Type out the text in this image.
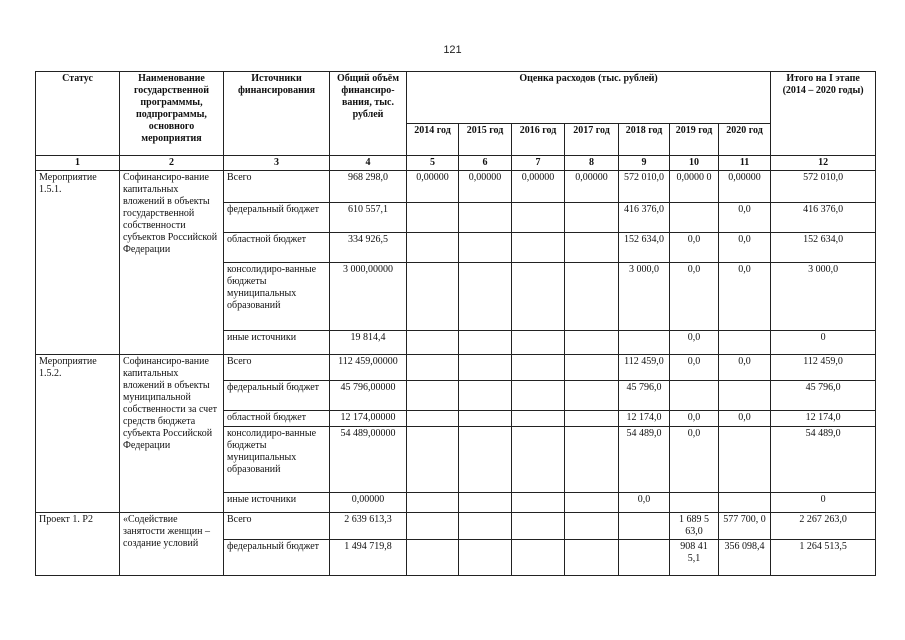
121
Статус	Наименование государственной программмы, подпрограммы, основного мероприятия	Источники финансирования	Общий объём финансиро-вания, тыс. рублей	Оценка расходов (тыс. рублей)							Итого на I этапе (2014 – 2020 годы)
				2014 год	2015 год	2016 год	2017 год	2018 год	2019 год	2020 год	
1	2	3	4	5	6	7	8	9	10	11	12
Мероприятие 1.5.1.	Софинансиро-вание капитальных вложений в объекты государственной собственности субъектов Российской Федерации	Всего	968 298,0	0,00000	0,00000	0,00000	0,00000	572 010,0	0,0000 0	0,00000	572 010,0
		федеральный бюджет	610 557,1					416 376,0		0,0	416 376,0
		областной бюджет	334 926,5					152 634,0	0,0	0,0	152 634,0
		консолидиро-ванные бюджеты муниципальных образований	3 000,00000					3 000,0	0,0	0,0	3 000,0
		иные источники	19 814,4						0,0		0
Мероприятие 1.5.2.	Софинансиро-вание капитальных вложений в объекты муниципальной собственности за счет средств бюджета субъекта Российской Федерации	Всего	112 459,00000					112 459,0	0,0	0,0	112 459,0
		федеральный бюджет	45 796,00000					45 796,0			45 796,0
		областной бюджет	12 174,00000					12 174,0	0,0	0,0	12 174,0
		консолидиро-ванные бюджеты муниципальных образований	54 489,00000					54 489,0	0,0		54 489,0
		иные источники	0,00000					0,0			0
Проект 1. Р2	«Содействие занятости женщин – создание условий	Всего	2 639 613,3						1 689 5 63,0	577 700, 0	2 267 263,0
		федеральный бюджет	1 494 719,8						908 41 5,1	356 098,4	1 264 513,5
